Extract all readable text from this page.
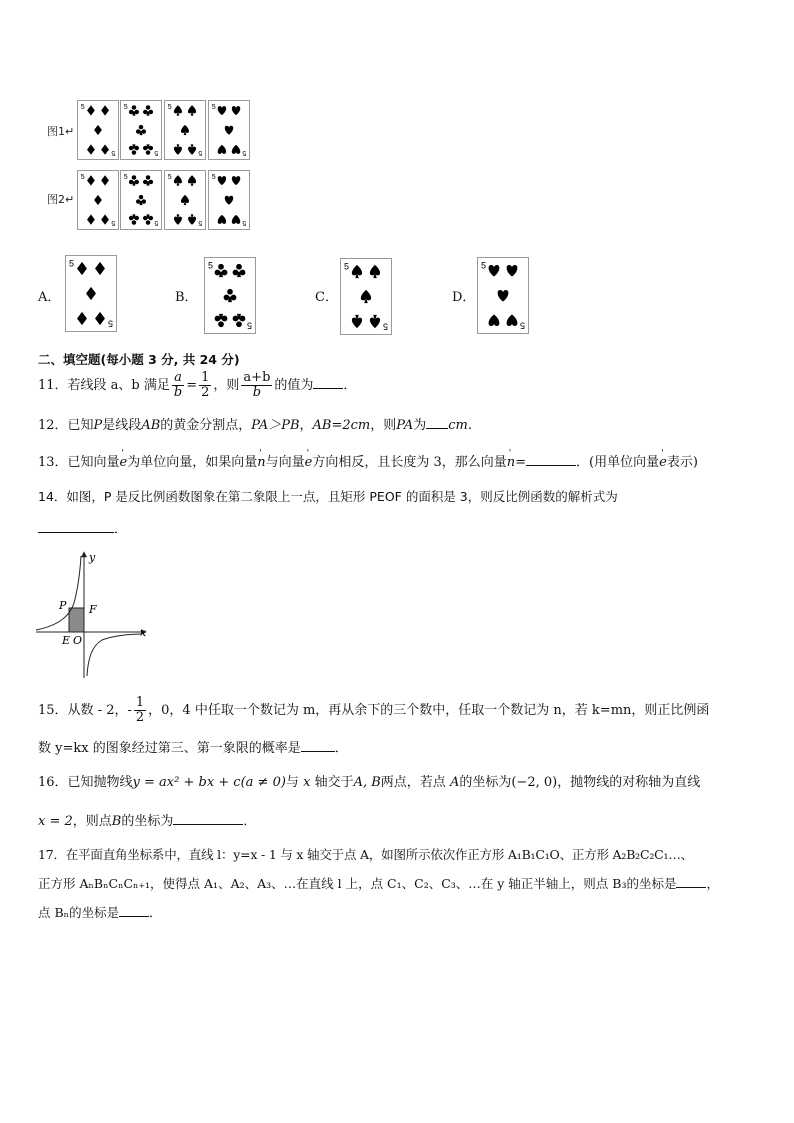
图1↵
图2↵
5
5
5
5
5
5
5
5
5
5
5
5
5
5
5
5
A．	B．	C．	D．
5
5
5
5
5
5
5
5
二、填空题(每小题 3 分, 共 24 分)
11．若线段 a、b 满足 $\frac{a}{b} = \frac{1}{2}$ ，则 $\frac{a+b}{b}$ 的值为 ．
12．已知P是线段AB的黄金分割点，PA＞PB，AB=2cm，则PA为 cm.
13．已知向量' e为单位向量，如果向量' n与向量' e方向相反，且长度为 3，那么向量' n=	．(用单位向量' e表示)
14．如图，P 是反比例函数图象在第二象限上一点，且矩形 PEOF 的面积是 3，则反比例函数的解析式为
．
y
x
P F
E O
15．从数 - 2，- $\frac{1}{2}$ ，0，4 中任取一个数记为 m，再从余下的三个数中，任取一个数记为 n，若 k=mn，则正比例函
数 y=kx 的图象经过第三、第一象限的概率是	．
16．已知抛物线y = ax² + bx + c(a ≠ 0)与 x 轴交于A, B两点，若点 A的坐标为(−2, 0)，抛物线的对称轴为直线
x = 2，则点B的坐标为	．
17．在平面直角坐标系中，直线 l：y=x - 1 与 x 轴交于点 A，如图所示依次作正方形 A₁B₁C₁O、正方形 A₂B₂C₂C₁…、
正方形 AₙBₙCₙCₙ₊₁，使得点 A₁、A₂、A₃、…在直线 l 上，点 C₁、C₂、C₃、…在 y 轴正半轴上，则点 B₃的坐标是 ，
点 Bₙ的坐标是 ．
